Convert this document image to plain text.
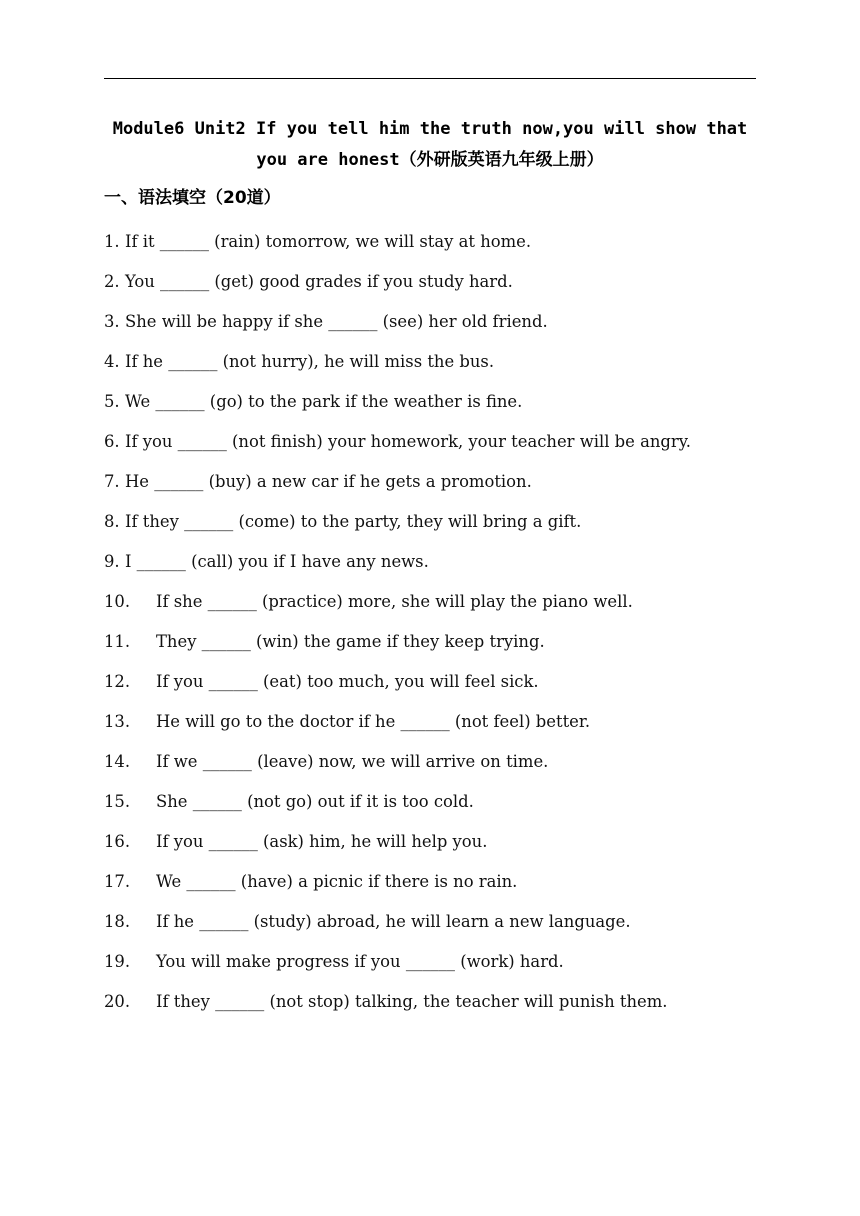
Module6 Unit2 If you tell him the truth now,you will show that
you are honest（外研版英语九年级上册）
一、语法填空（20道）
1. If it ______ (rain) tomorrow, we will stay at home.
2. You ______ (get) good grades if you study hard.
3. She will be happy if she ______ (see) her old friend.
4. If he ______ (not hurry), he will miss the bus.
5. We ______ (go) to the park if the weather is fine.
6. If you ______ (not finish) your homework, your teacher will be angry.
7. He ______ (buy) a new car if he gets a promotion.
8. If they ______ (come) to the party, they will bring a gift.
9. I ______ (call) you if I have any news.
10. If she ______ (practice) more, she will play the piano well.
11. They ______ (win) the game if they keep trying.
12. If you ______ (eat) too much, you will feel sick.
13. He will go to the doctor if he ______ (not feel) better.
14. If we ______ (leave) now, we will arrive on time.
15. She ______ (not go) out if it is too cold.
16. If you ______ (ask) him, he will help you.
17. We ______ (have) a picnic if there is no rain.
18. If he ______ (study) abroad, he will learn a new language.
19. You will make progress if you ______ (work) hard.
20. If they ______ (not stop) talking, the teacher will punish them.
